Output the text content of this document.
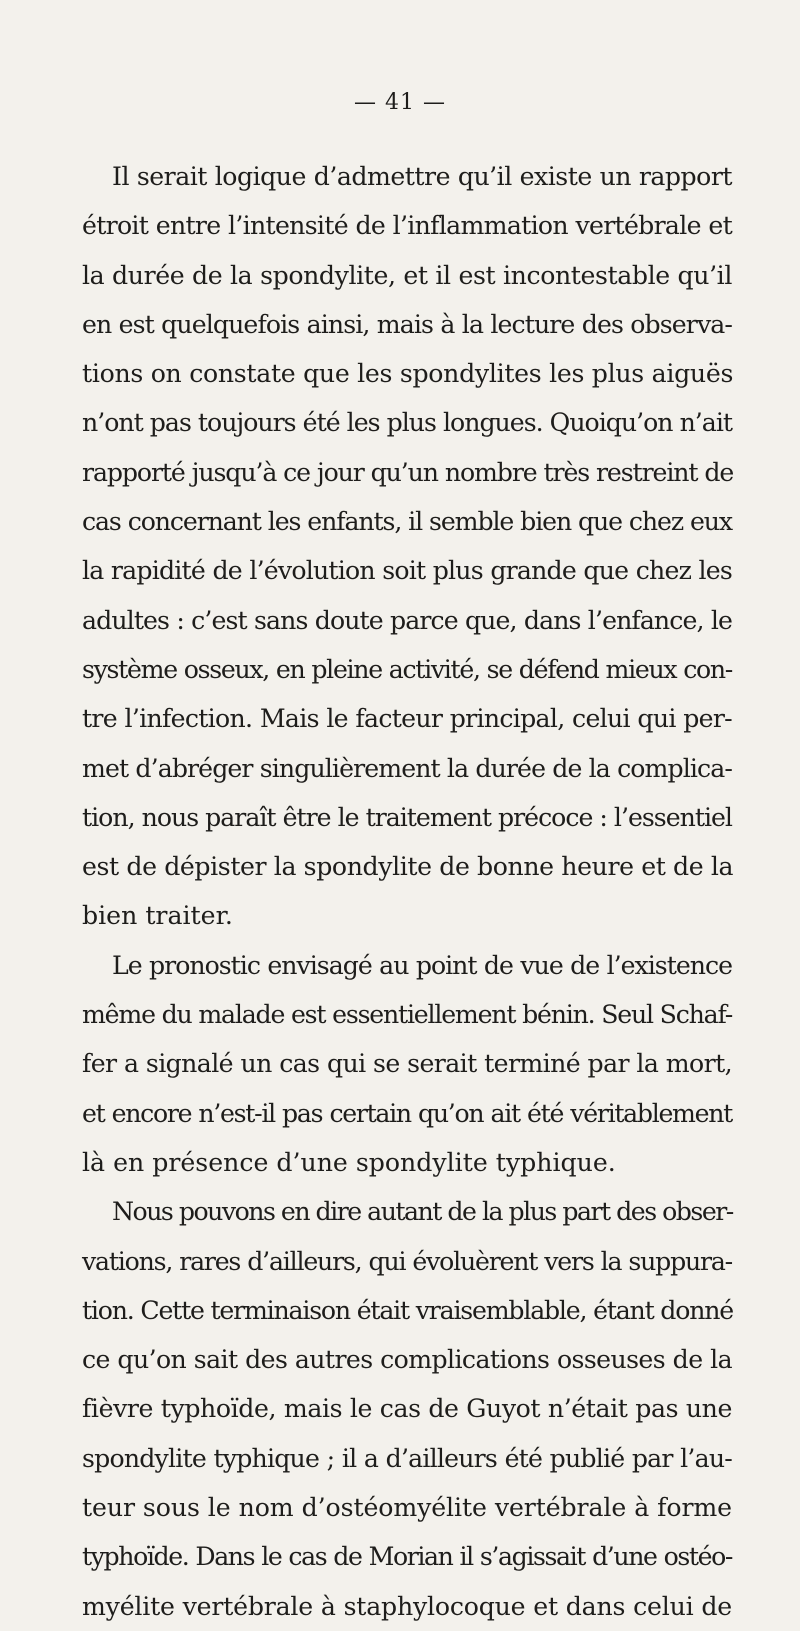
— 41 —
Il serait logique d’admettre qu’il existe un rapport
étroit entre l’intensité de l’inflammation vertébrale et
la durée de la spondylite, et il est incontestable qu’il
en est quelquefois ainsi, mais à la lecture des observa-
tions on constate que les spondylites les plus aiguës
n’ont pas toujours été les plus longues. Quoiqu’on n’ait
rapporté jusqu’à ce jour qu’un nombre très restreint de
cas concernant les enfants, il semble bien que chez eux
la rapidité de l’évolution soit plus grande que chez les
adultes : c’est sans doute parce que, dans l’enfance, le
système osseux, en pleine activité, se défend mieux con-
tre l’infection. Mais le facteur principal, celui qui per-
met d’abréger singulièrement la durée de la complica-
tion, nous paraît être le traitement précoce : l’essentiel
est de dépister la spondylite de bonne heure et de la
bien traiter.
Le pronostic envisagé au point de vue de l’existence
même du malade est essentiellement bénin. Seul Schaf-
fer a signalé un cas qui se serait terminé par la mort,
et encore n’est-il pas certain qu’on ait été véritablement
là en présence d’une spondylite typhique.
Nous pouvons en dire autant de la plus part des obser-
vations, rares d’ailleurs, qui évoluèrent vers la suppura-
tion. Cette terminaison était vraisemblable, étant donné
ce qu’on sait des autres complications osseuses de la
fièvre typhoïde, mais le cas de Guyot n’était pas une
spondylite typhique ; il a d’ailleurs été publié par l’au-
teur sous le nom d’ostéomyélite vertébrale à forme
typhoïde. Dans le cas de Morian il s’agissait d’une ostéo-
myélite vertébrale à staphylocoque et dans celui de
